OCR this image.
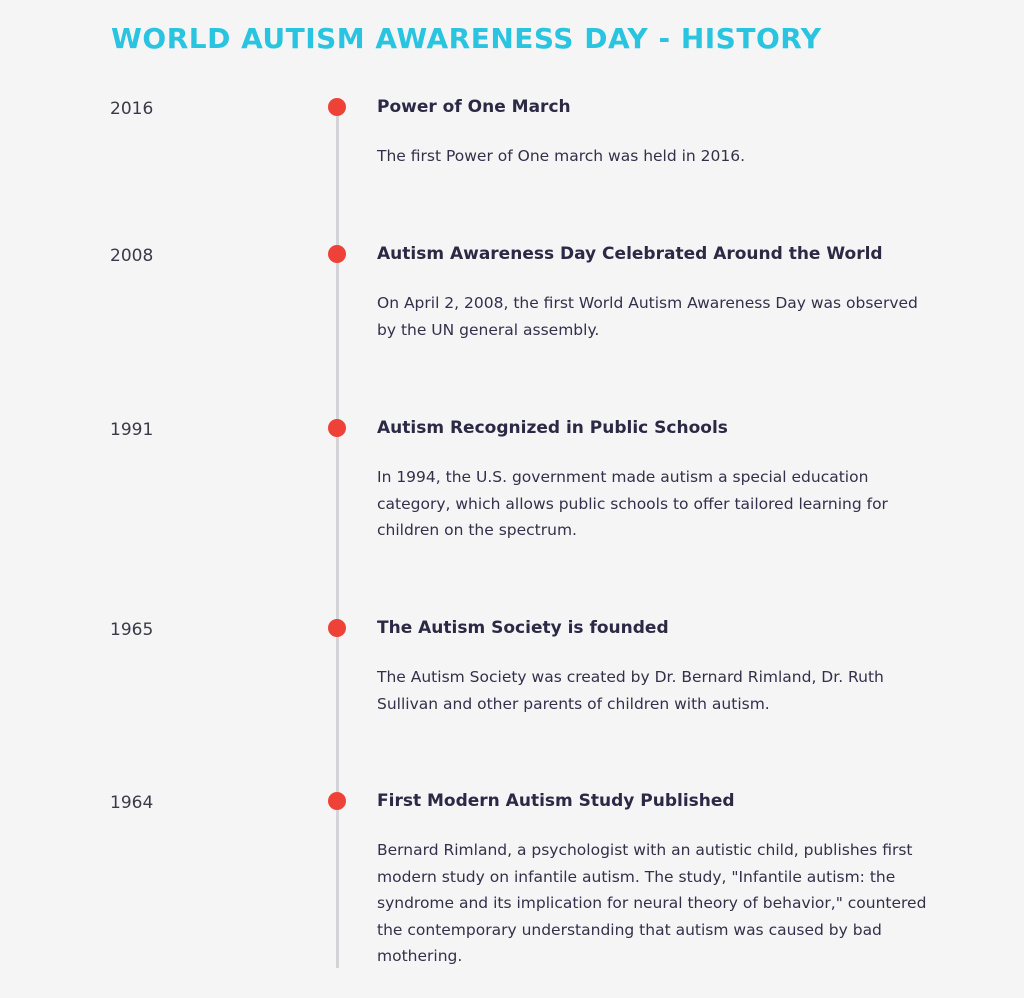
WORLD AUTISM AWARENESS DAY - HISTORY
2016	Power of One March

The first Power of One march was held in 2016.

2008	Autism Awareness Day Celebrated Around the World

On April 2, 2008, the first World Autism Awareness Day was observed by the UN general assembly.

1991	Autism Recognized in Public Schools

In 1994, the U.S. government made autism a special education category, which allows public schools to offer tailored learning for children on the spectrum.

1965	The Autism Society is founded

The Autism Society was created by Dr. Bernard Rimland, Dr. Ruth Sullivan and other parents of children with autism.

1964	First Modern Autism Study Published

Bernard Rimland, a psychologist with an autistic child, publishes first modern study on infantile autism. The study, "Infantile autism: the syndrome and its implication for neural theory of behavior," countered the contemporary understanding that autism was caused by bad mothering.
